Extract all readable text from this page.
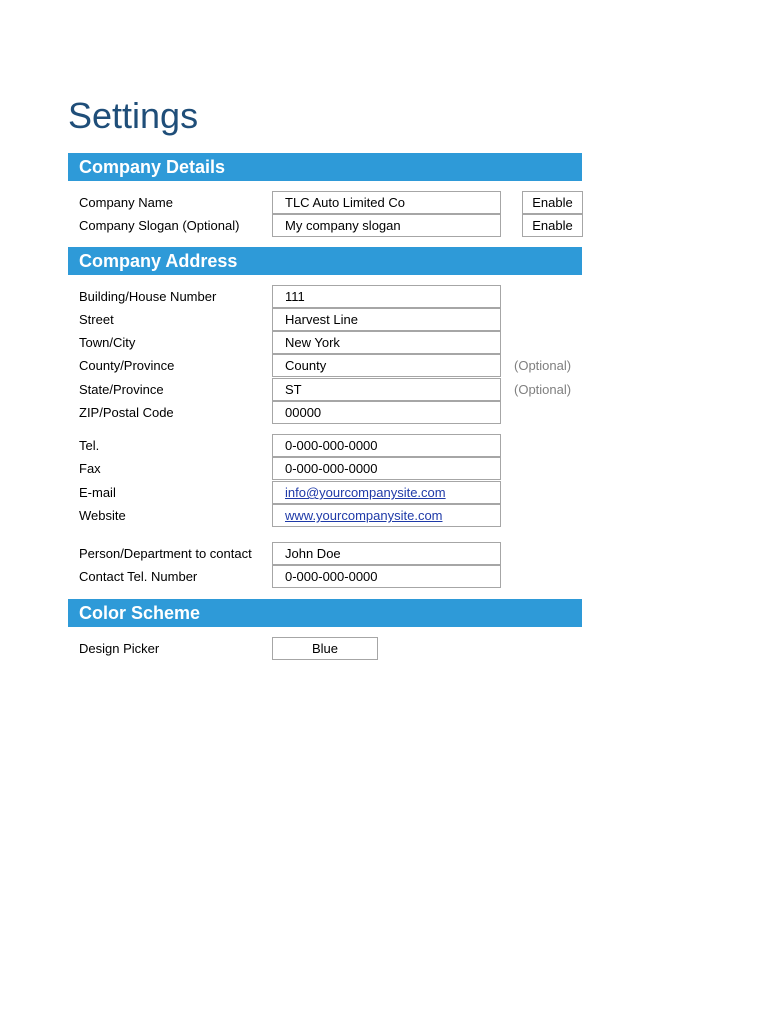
Settings
Company Details
Company Name	TLC Auto Limited Co	Enable
Company Slogan (Optional)	My company slogan	Enable
Company Address
Building/House Number	111
Street	Harvest Line
Town/City	New York
County/Province	County	(Optional)
State/Province	ST	(Optional)
ZIP/Postal Code	00000
Tel.	0-000-000-0000
Fax	0-000-000-0000
E-mail	info@yourcompanysite.com
Website	www.yourcompanysite.com
Person/Department to contact	John Doe
Contact Tel. Number	0-000-000-0000
Color Scheme
Design Picker	Blue
